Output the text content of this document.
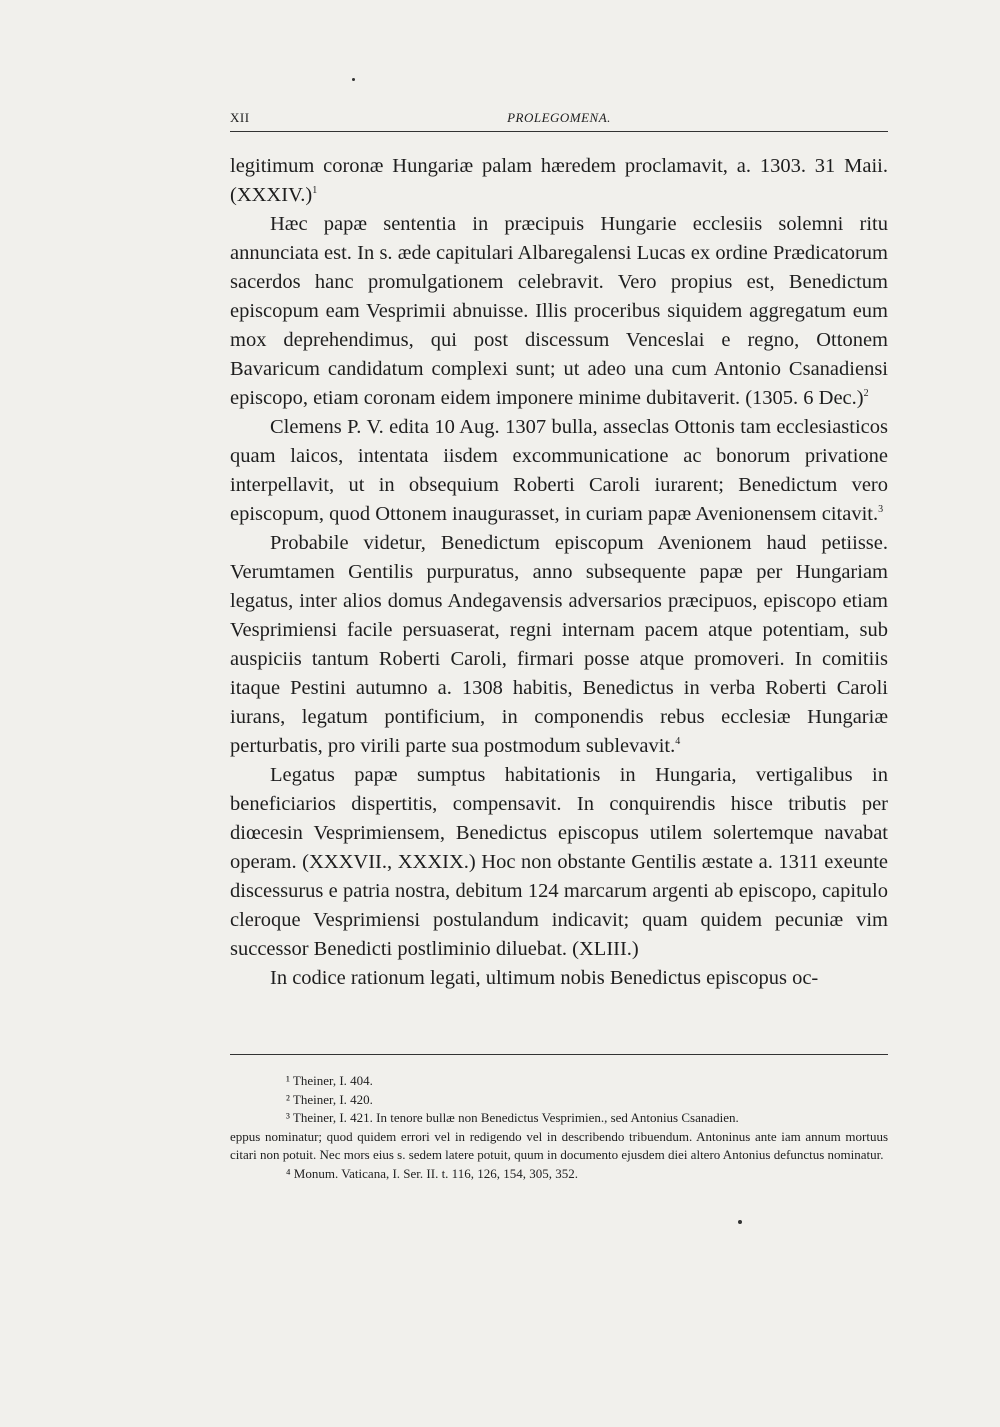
XII	PROLEGOMENA.

legitimum coronæ Hungariæ palam hæredem proclamavit, a. 1303. 31 Maii. (XXXIV.)$^1$

Hæc papæ sententia in præcipuis Hungarie ecclesiis solemni ritu annunciata est. In s. æde capitulari Albaregalensi Lucas ex ordine Prædicatorum sacerdos hanc promulgationem celebravit. Vero propius est, Benedictum episcopum eam Vesprimii abnuisse. Illis proceribus siquidem aggregatum eum mox deprehendimus, qui post discessum Venceslai e regno, Ottonem Bavaricum candidatum complexi sunt; ut adeo una cum Antonio Csanadiensi episcopo, etiam coronam eidem imponere minime dubitaverit. (1305. 6 Dec.)$^2$

Clemens P. V. edita 10 Aug. 1307 bulla, asseclas Ottonis tam ecclesiasticos quam laicos, intentata iisdem excommunicatione ac bonorum privatione interpellavit, ut in obsequium Roberti Caroli iurarent; Benedictum vero episcopum, quod Ottonem inaugurasset, in curiam papæ Avenionensem citavit.$^3$

Probabile videtur, Benedictum episcopum Avenionem haud petiisse. Verumtamen Gentilis purpuratus, anno subsequente papæ per Hungariam legatus, inter alios domus Andegavensis adversarios præcipuos, episcopo etiam Vesprimiensi facile persuaserat, regni internam pacem atque potentiam, sub auspiciis tantum Roberti Caroli, firmari posse atque promoveri. In comitiis itaque Pestini autumno a. 1308 habitis, Benedictus in verba Roberti Caroli iurans, legatum pontificium, in componendis rebus ecclesiæ Hungariæ perturbatis, pro virili parte sua postmodum sublevavit.$^4$

Legatus papæ sumptus habitationis in Hungaria, vertigalibus in beneficiarios dispertitis, compensavit. In conquirendis hisce tributis per diœcesin Vesprimiensem, Benedictus episcopus utilem solertemque navabat operam. (XXXVII., XXXIX.) Hoc non obstante Gentilis æstate a. 1311 exeunte discessurus e patria nostra, debitum 124 marcarum argenti ab episcopo, capitulo cleroque Vesprimiensi postulandum indicavit; quam quidem pecuniæ vim successor Benedicti postliminio diluebat. (XLIII.)

In codice rationum legati, ultimum nobis Benedictus episcopus oc-

¹ Theiner, I. 404.

² Theiner, I. 420.

³ Theiner, I. 421. In tenore bullæ non Benedictus Vesprimien., sed Antonius Csanadien.

eppus nominatur; quod quidem errori vel in redigendo vel in describendo tribuendum. Antoninus ante iam annum mortuus citari non potuit. Nec mors eius s. sedem latere potuit, quum in documento ejusdem diei altero Antonius defunctus nominatur.

⁴ Monum. Vaticana, I. Ser. II. t. 116, 126, 154, 305, 352.
